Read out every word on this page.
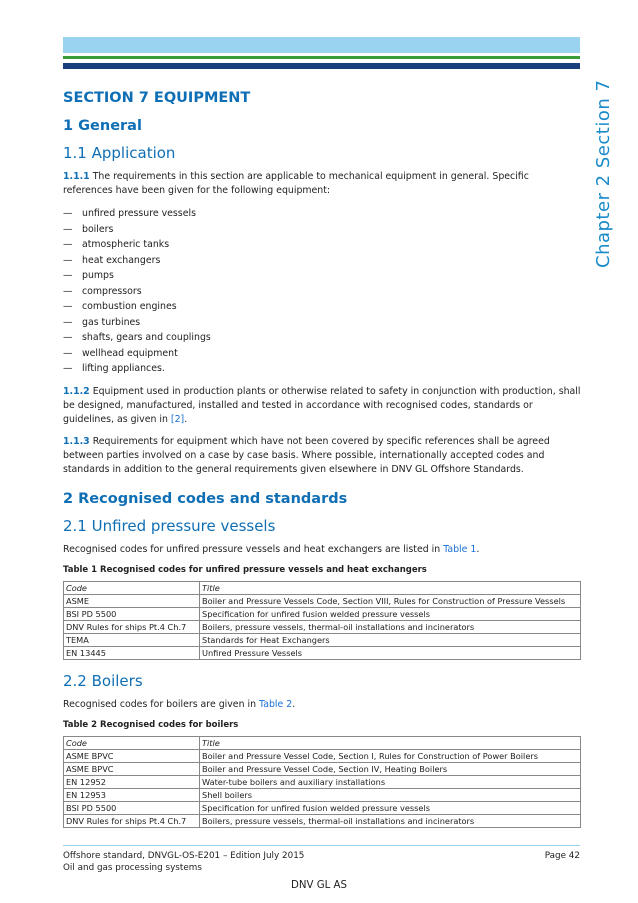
Chapter 2 Section 7
SECTION 7 EQUIPMENT
1 General
1.1 Application

1.1.1 The requirements in this section are applicable to mechanical equipment in general. Specific references have been given for the following equipment:

— unfired pressure vessels
— boilers
— atmospheric tanks
— heat exchangers
— pumps
— compressors
— combustion engines
— gas turbines
— shafts, gears and couplings
— wellhead equipment
— lifting appliances.

1.1.2 Equipment used in production plants or otherwise related to safety in conjunction with production, shall be designed, manufactured, installed and tested in accordance with recognised codes, standards or guidelines, as given in [2].

1.1.3 Requirements for equipment which have not been covered by specific references shall be agreed between parties involved on a case by case basis. Where possible, internationally accepted codes and standards in addition to the general requirements given elsewhere in DNV GL Offshore Standards.

2 Recognised codes and standards
2.1 Unfired pressure vessels

Recognised codes for unfired pressure vessels and heat exchangers are listed in Table 1.

Table 1 Recognised codes for unfired pressure vessels and heat exchangers
Code	Title
ASME	Boiler and Pressure Vessels Code, Section VIII, Rules for Construction of Pressure Vessels
BSI PD 5500	Specification for unfired fusion welded pressure vessels
DNV Rules for ships Pt.4 Ch.7	Boilers, pressure vessels, thermal-oil installations and incinerators
TEMA	Standards for Heat Exchangers
EN 13445	Unfired Pressure Vessels
2.2 Boilers

Recognised codes for boilers are given in Table 2.

Table 2 Recognised codes for boilers
Code	Title
ASME BPVC	Boiler and Pressure Vessel Code, Section I, Rules for Construction of Power Boilers
ASME BPVC	Boiler and Pressure Vessel Code, Section IV, Heating Boilers
EN 12952	Water-tube boilers and auxiliary installations
EN 12953	Shell boilers
BSI PD 5500	Specification for unfired fusion welded pressure vessels
DNV Rules for ships Pt.4 Ch.7	Boilers, pressure vessels, thermal-oil installations and incinerators
Offshore standard, DNVGL-OS-E201 – Edition July 2015
Oil and gas processing systems
Page 42
DNV GL AS
